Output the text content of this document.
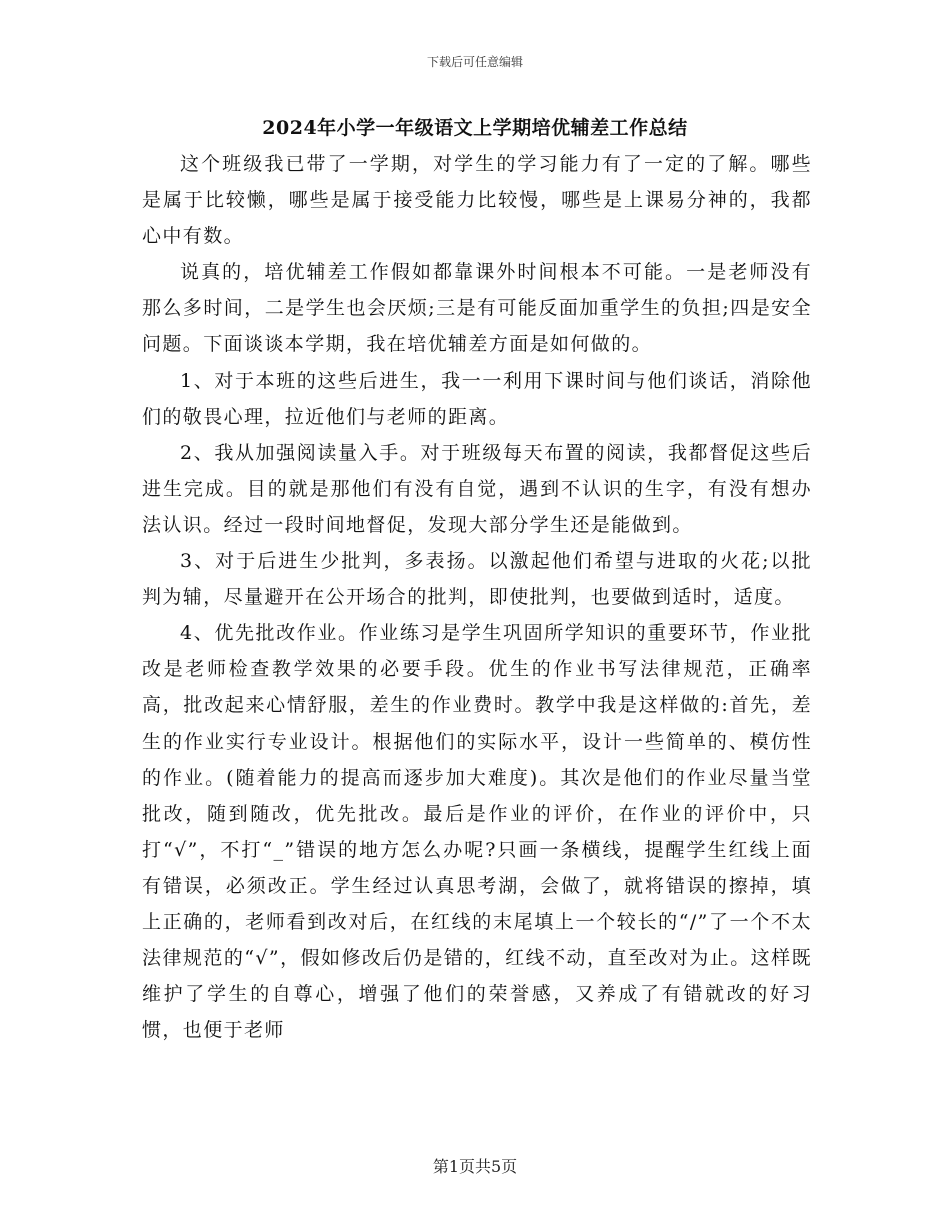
下载后可任意编辑
2024年小学一年级语文上学期培优辅差工作总结

这个班级我已带了一学期，对学生的学习能力有了一定的了解。哪些是属于比较懒，哪些是属于接受能力比较慢，哪些是上课易分神的，我都心中有数。

说真的，培优辅差工作假如都靠课外时间根本不可能。一是老师没有那么多时间，二是学生也会厌烦;三是有可能反面加重学生的负担;四是安全问题。下面谈谈本学期，我在培优辅差方面是如何做的。

1、对于本班的这些后进生，我一一利用下课时间与他们谈话，消除他们的敬畏心理，拉近他们与老师的距离。

2、我从加强阅读量入手。对于班级每天布置的阅读，我都督促这些后进生完成。目的就是那他们有没有自觉，遇到不认识的生字，有没有想办法认识。经过一段时间地督促，发现大部分学生还是能做到。

3、对于后进生少批判，多表扬。以激起他们希望与进取的火花;以批判为辅，尽量避开在公开场合的批判，即使批判，也要做到适时，适度。

4、优先批改作业。作业练习是学生巩固所学知识的重要环节，作业批改是老师检查教学效果的必要手段。优生的作业书写法律规范，正确率高，批改起来心情舒服，差生的作业费时。教学中我是这样做的:首先，差生的作业实行专业设计。根据他们的实际水平，设计一些简单的、模仿性的作业。(随着能力的提高而逐步加大难度)。其次是他们的作业尽量当堂批改，随到随改，优先批改。最后是作业的评价，在作业的评价中，只打“√”，不打“_”错误的地方怎么办呢?只画一条横线，提醒学生红线上面有错误，必须改正。学生经过认真思考湖，会做了，就将错误的擦掉，填上正确的，老师看到改对后，在红线的末尾填上一个较长的“/”了一个不太法律规范的“√”，假如修改后仍是错的，红线不动，直至改对为止。这样既维护了学生的自尊心，增强了他们的荣誉感，又养成了有错就改的好习惯，也便于老师

第1页共5页
